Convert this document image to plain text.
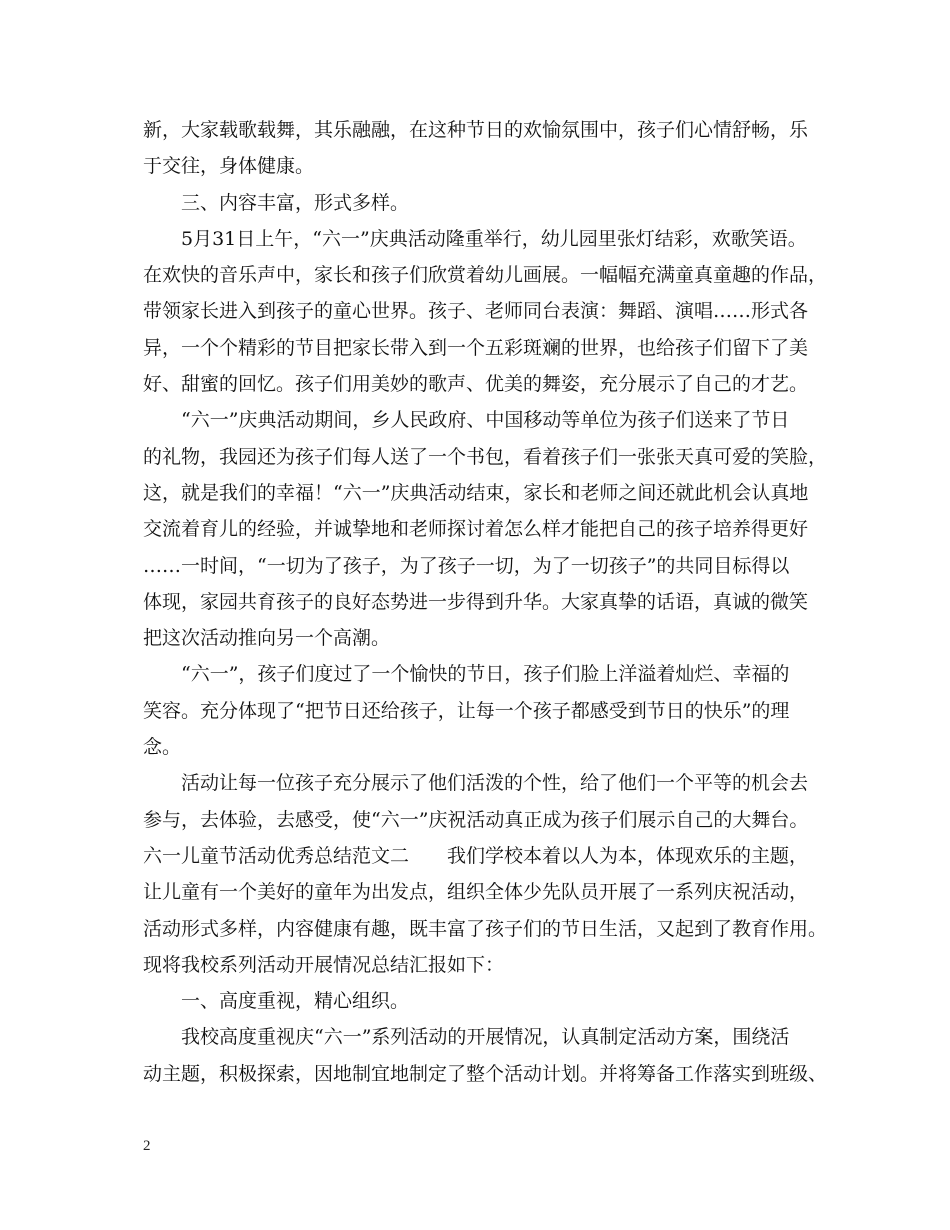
新，大家载歌载舞，其乐融融，在这种节日的欢愉氛围中，孩子们心情舒畅，乐
于交往，身体健康。
三、内容丰富，形式多样。
5月31日上午，“六一”庆典活动隆重举行，幼儿园里张灯结彩，欢歌笑语。
在欢快的音乐声中，家长和孩子们欣赏着幼儿画展。一幅幅充满童真童趣的作品，
带领家长进入到孩子的童心世界。孩子、老师同台表演：舞蹈、演唱……形式各
异，一个个精彩的节目把家长带入到一个五彩斑斓的世界，也给孩子们留下了美
好、甜蜜的回忆。孩子们用美妙的歌声、优美的舞姿，充分展示了自己的才艺。
“六一”庆典活动期间，乡人民政府、中国移动等单位为孩子们送来了节日
的礼物，我园还为孩子们每人送了一个书包，看着孩子们一张张天真可爱的笑脸，
这，就是我们的幸福！“六一”庆典活动结束，家长和老师之间还就此机会认真地
交流着育儿的经验，并诚挚地和老师探讨着怎么样才能把自己的孩子培养得更好
……一时间，“一切为了孩子，为了孩子一切，为了一切孩子”的共同目标得以
体现，家园共育孩子的良好态势进一步得到升华。大家真挚的话语，真诚的微笑
把这次活动推向另一个高潮。
“六一”，孩子们度过了一个愉快的节日，孩子们脸上洋溢着灿烂、幸福的
笑容。充分体现了“把节日还给孩子，让每一个孩子都感受到节日的快乐”的理
念。
活动让每一位孩子充分展示了他们活泼的个性，给了他们一个平等的机会去
参与，去体验，去感受，使“六一”庆祝活动真正成为孩子们展示自己的大舞台。
六一儿童节活动优秀总结范文二　　我们学校本着以人为本，体现欢乐的主题，
让儿童有一个美好的童年为出发点，组织全体少先队员开展了一系列庆祝活动，
活动形式多样，内容健康有趣，既丰富了孩子们的节日生活，又起到了教育作用。
现将我校系列活动开展情况总结汇报如下：
一、高度重视，精心组织。
我校高度重视庆“六一”系列活动的开展情况，认真制定活动方案，围绕活
动主题，积极探索，因地制宜地制定了整个活动计划。并将筹备工作落实到班级、
2
